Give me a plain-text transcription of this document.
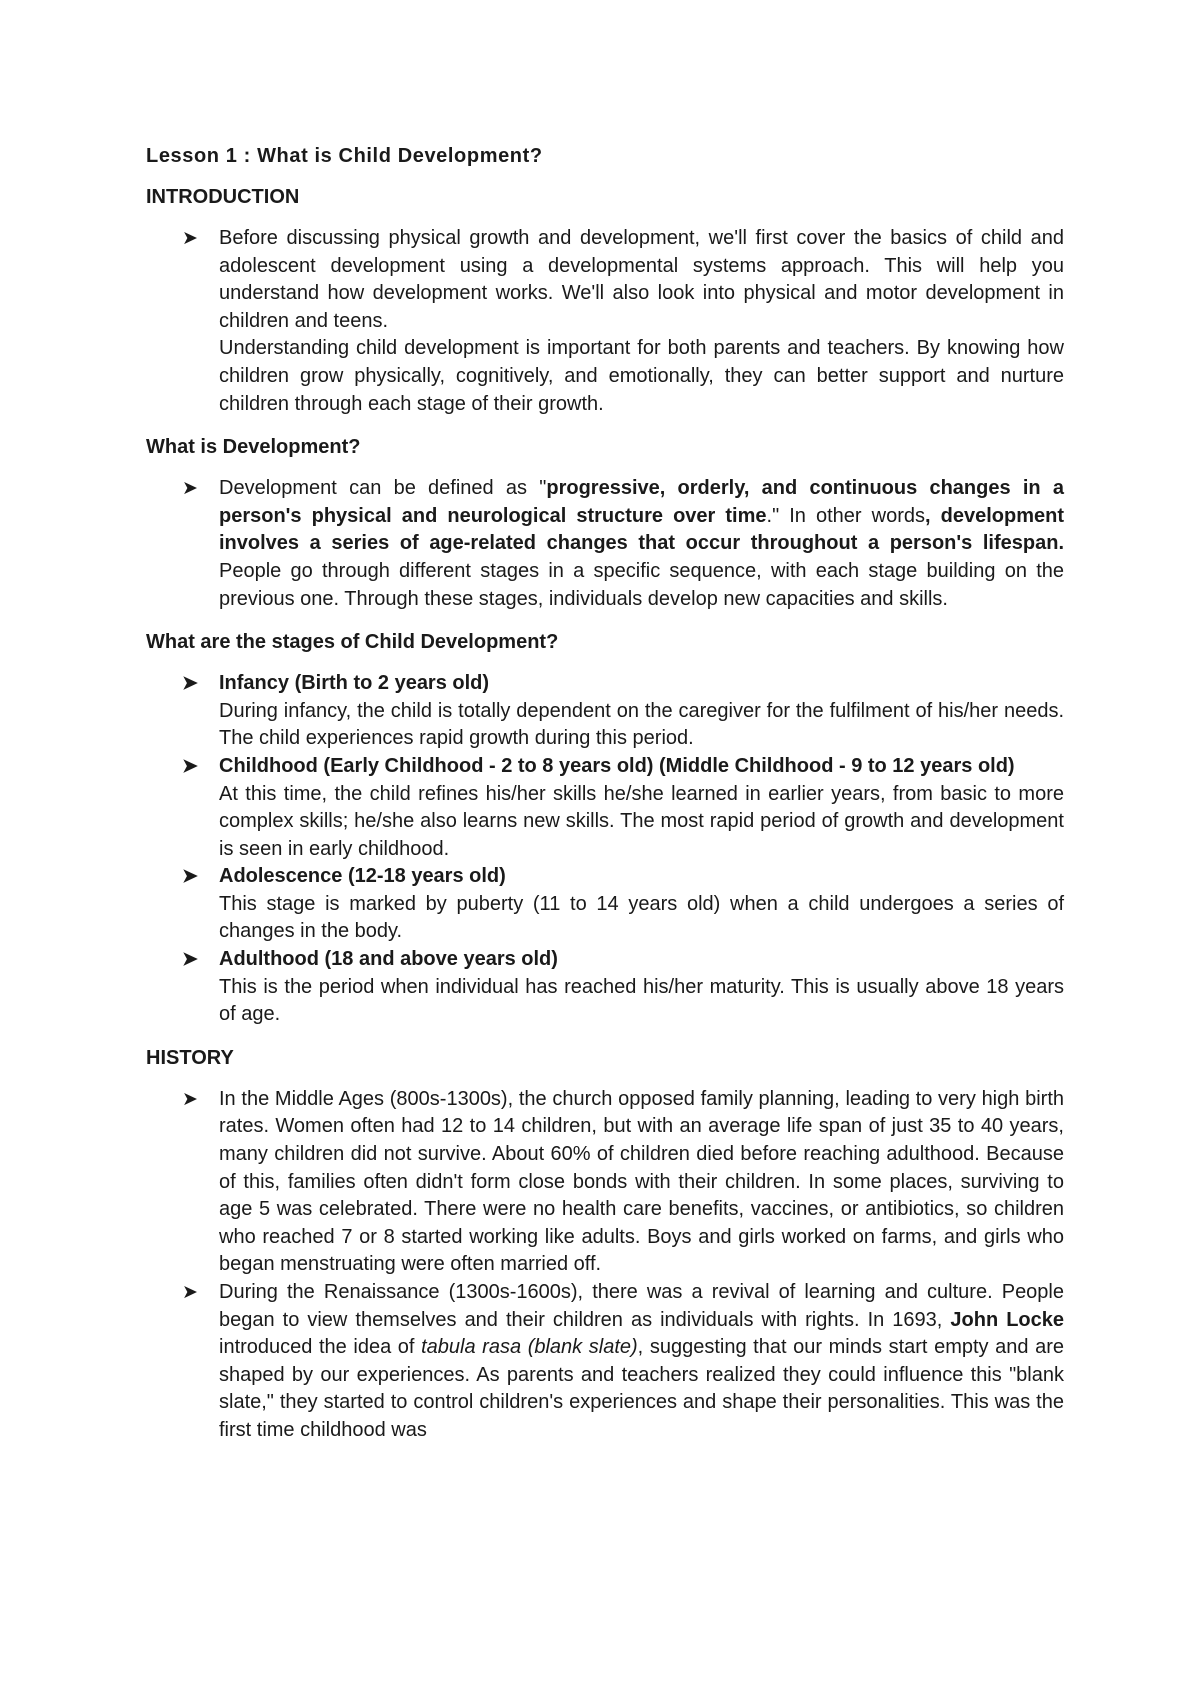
Lesson 1 : What is Child Development?
INTRODUCTION
➤ Before discussing physical growth and development, we'll first cover the basics of child and adolescent development using a developmental systems approach. This will help you understand how development works. We'll also look into physical and motor development in children and teens.

Understanding child development is important for both parents and teachers. By knowing how children grow physically, cognitively, and emotionally, they can better support and nurture children through each stage of their growth.

What is Development?
➤ Development can be defined as "progressive, orderly, and continuous changes in a person's physical and neurological structure over time." In other words, development involves a series of age-related changes that occur throughout a person's lifespan. People go through different stages in a specific sequence, with each stage building on the previous one. Through these stages, individuals develop new capacities and skills.

What are the stages of Child Development?
➤ Infancy (Birth to 2 years old)

During infancy, the child is totally dependent on the caregiver for the fulfilment of his/her needs. The child experiences rapid growth during this period.

➤ Childhood (Early Childhood - 2 to 8 years old) (Middle Childhood - 9 to 12 years old)

At this time, the child refines his/her skills he/she learned in earlier years, from basic to more complex skills; he/she also learns new skills. The most rapid period of growth and development is seen in early childhood.

➤ Adolescence (12-18 years old)

This stage is marked by puberty (11 to 14 years old) when a child undergoes a series of changes in the body.

➤ Adulthood (18 and above years old)

This is the period when individual has reached his/her maturity. This is usually above 18 years of age.

HISTORY
➤ In the Middle Ages (800s-1300s), the church opposed family planning, leading to very high birth rates. Women often had 12 to 14 children, but with an average life span of just 35 to 40 years, many children did not survive. About 60% of children died before reaching adulthood. Because of this, families often didn't form close bonds with their children. In some places, surviving to age 5 was celebrated. There were no health care benefits, vaccines, or antibiotics, so children who reached 7 or 8 started working like adults. Boys and girls worked on farms, and girls who began menstruating were often married off.

➤ During the Renaissance (1300s-1600s), there was a revival of learning and culture. People began to view themselves and their children as individuals with rights. In 1693, John Locke introduced the idea of tabula rasa (blank slate), suggesting that our minds start empty and are shaped by our experiences. As parents and teachers realized they could influence this "blank slate," they started to control children's experiences and shape their personalities. This was the first time childhood was
